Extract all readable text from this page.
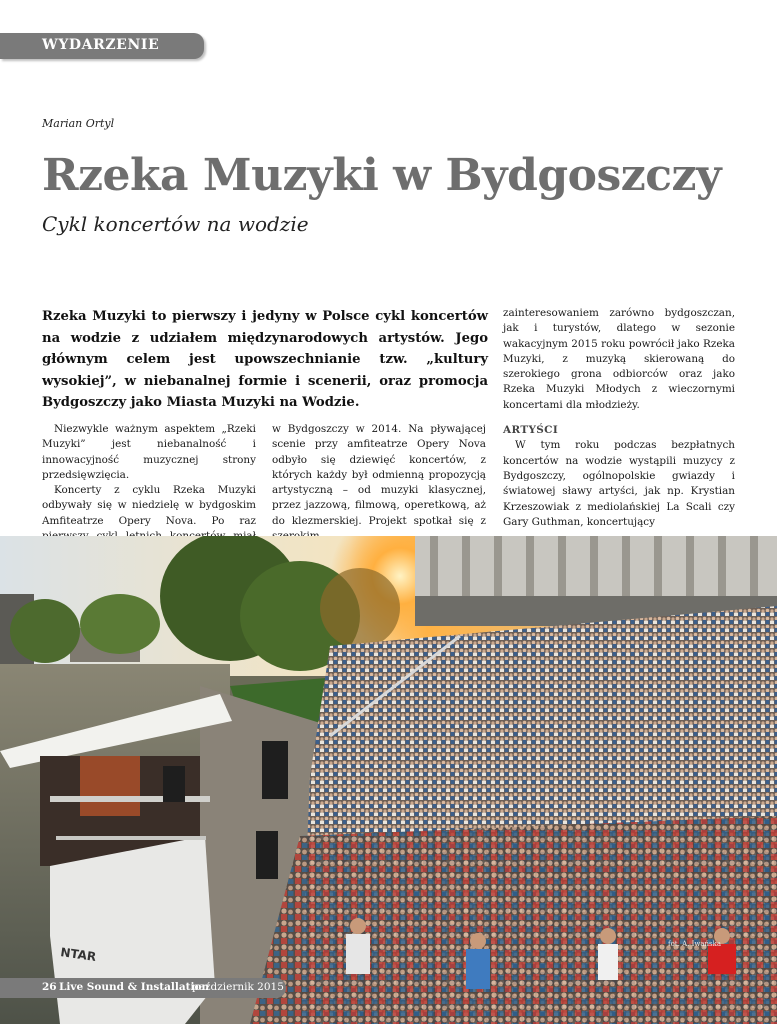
WYDARZENIE
Marian Ortyl
Rzeka Muzyki w Bydgoszczy
Cykl koncertów na wodzie

Rzeka Muzyki to pierwszy i jedyny w Polsce cykl koncertów na wodzie z udziałem międzynarodowych artystów. Jego głównym celem jest upowszechnianie tzw. „kultury wysokiej”, w niebanalnej formie i scenerii, oraz promocja Bydgoszczy jako Miasta Muzyki na Wodzie.

Niezwykle ważnym aspektem „Rzeki Muzyki” jest niebanalność i innowacyjność muzycznej strony przedsięwzięcia.

Koncerty z cyklu Rzeka Muzyki odbywały się w niedzielę w bydgoskim Amfiteatrze Opery Nova. Po raz

w Bydgoszczy w 2014. Na pływającej scenie przy amfiteatrze Opery Nova odbyło się dziewięć koncertów, z których każdy był odmienną propozycją artystyczną – od muzyki klasycznej, przez jazzową, filmową, operetkową, aż do klezmerskiej. Projekt spotkał się z

zainteresowaniem zarówno bydgoszczan, jak i turystów, dlatego w sezonie wakacyjnym 2015 roku powrócił jako Rzeka Muzyki, z muzyką skierowaną do szerokiego grona odbiorców oraz jako Rzeka Muzyki Młodych z wieczornymi koncertami dla młodzieży.

ARTYŚCI

W tym roku podczas bezpłatnych koncertów na wodzie wystąpili muzycy z Bydgoszczy, ogólnopolskie gwiazdy i światowej sławy artyści, jak np. Krystian Krzeszowiak z mediolańskiej La Scali czy Gary Guthman, koncertujący

NTAR
fot. A. Iwańska
26 Live Sound & Installation
październik 2015
